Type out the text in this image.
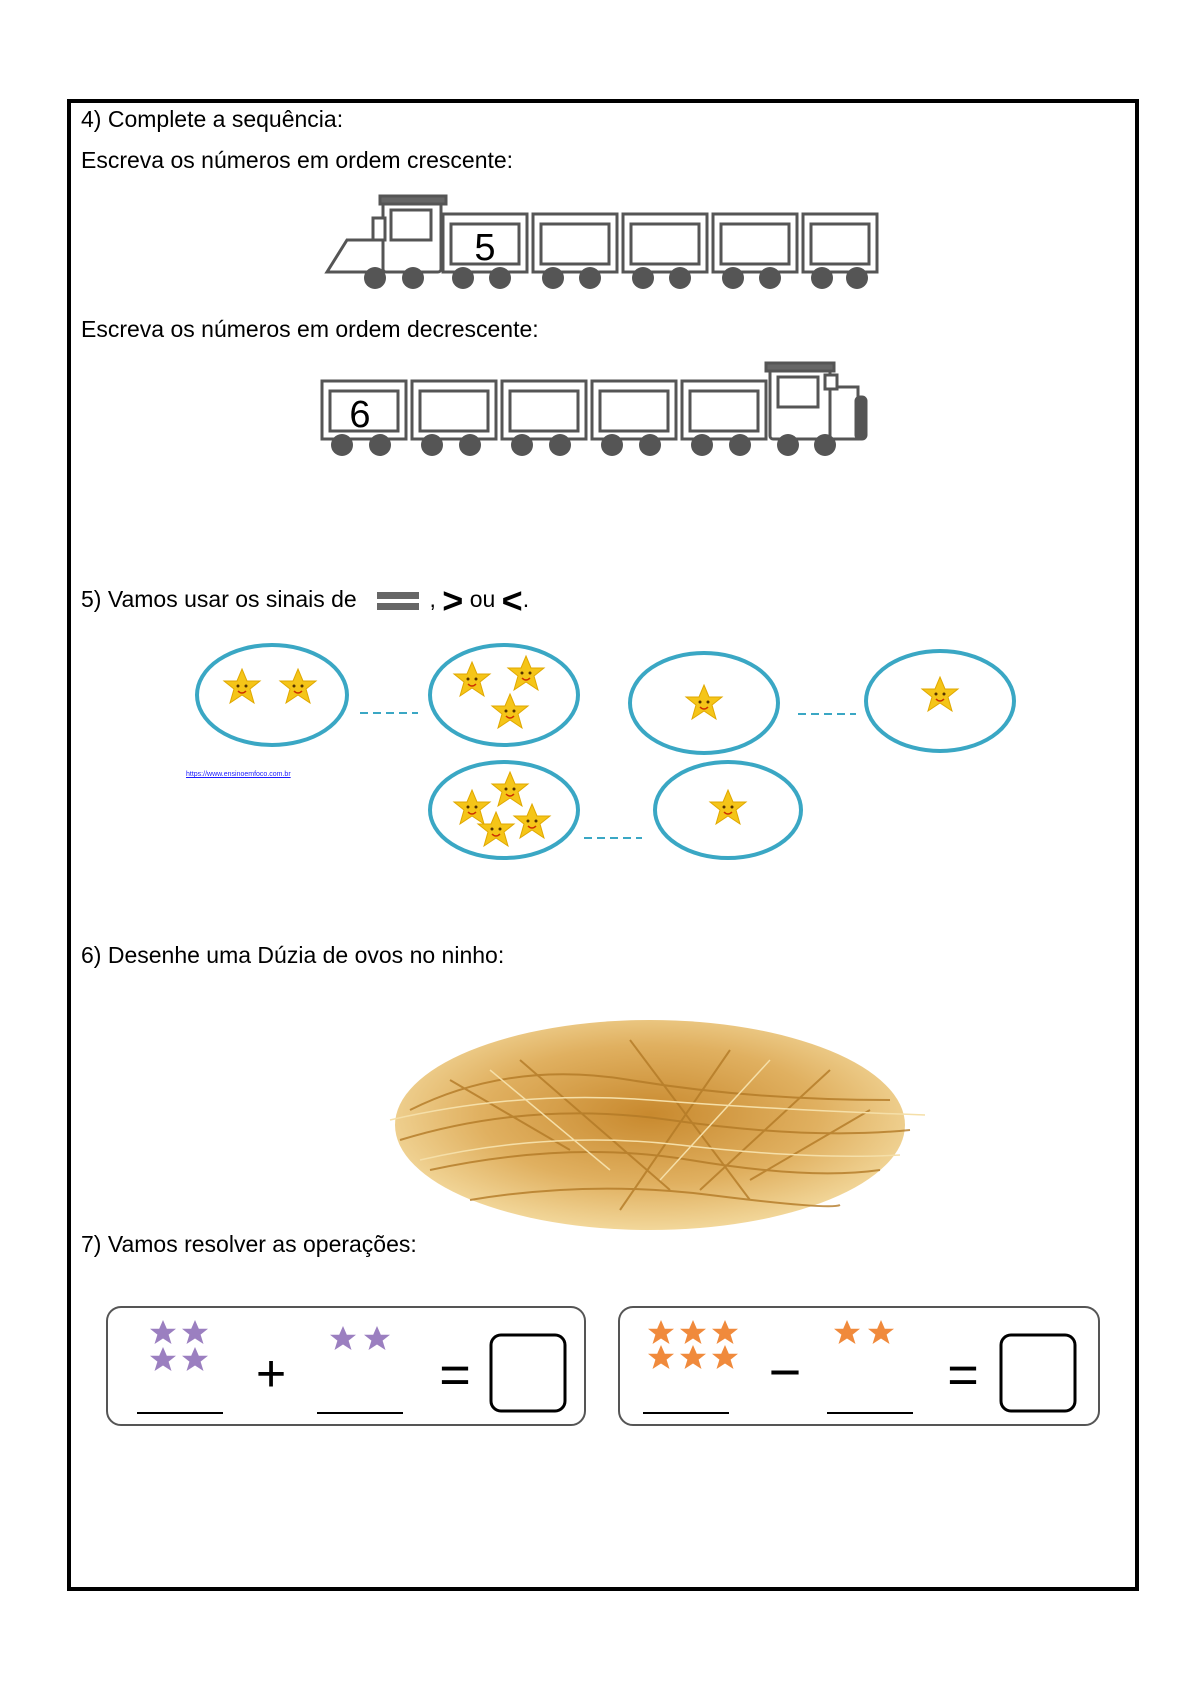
4) Complete a sequência:
Escreva os números em ordem crescente:
5
Escreva os números em ordem decrescente:
6
5) Vamos usar os sinais de	, > ou <.
https://www.ensinoemfoco.com.br
6) Desenhe uma Dúzia de ovos no ninho:
7) Vamos resolver as operações:
+	=	−	=
